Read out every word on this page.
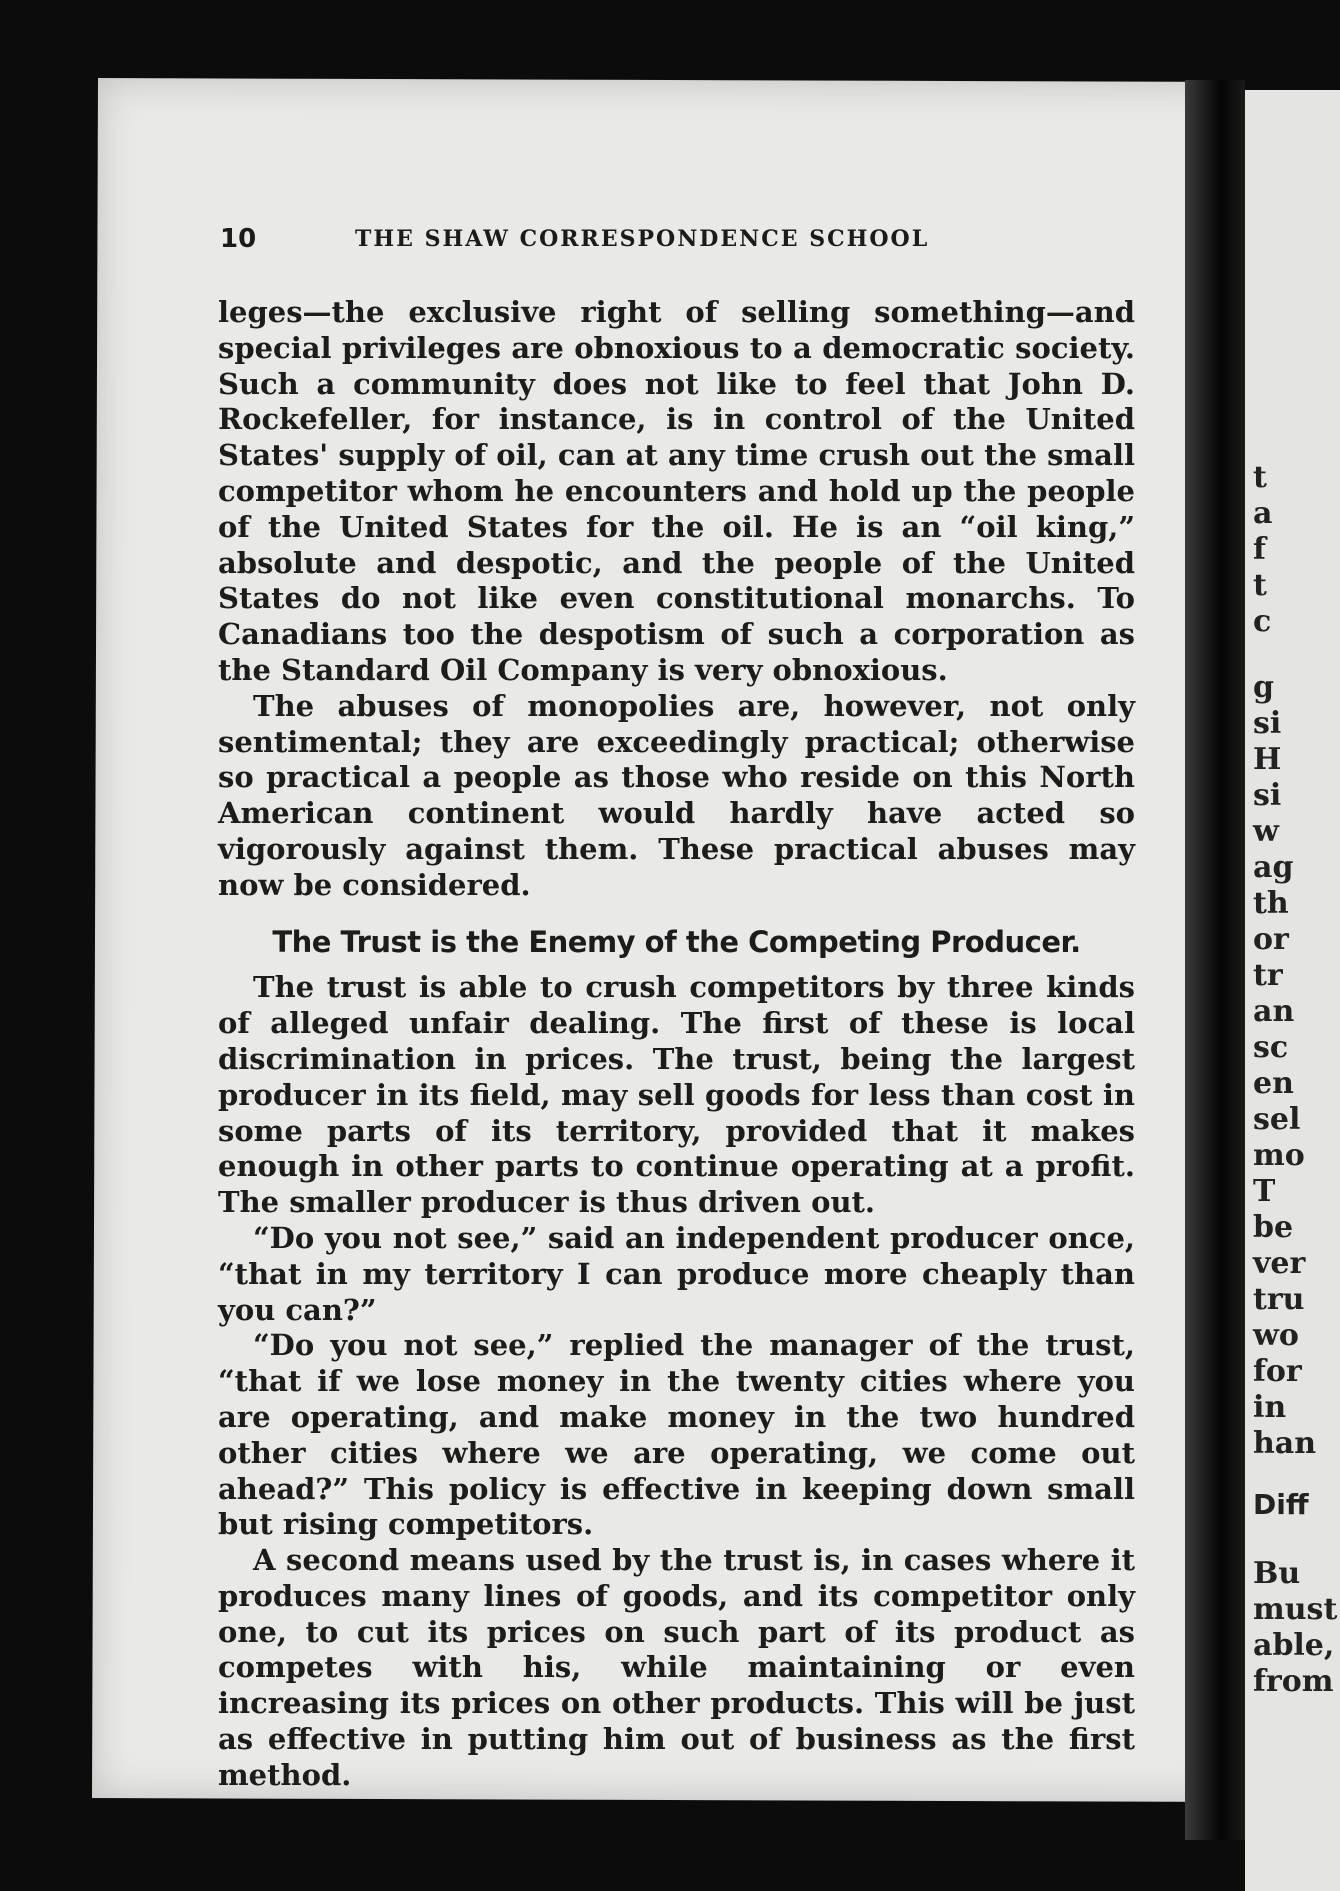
t
a
f
t
c
g
si
H
si
w
ag
th
or
tr
an
sc
en
sel
mo
T
be
ver
tru
wo
for
in
han
Diff
Bu
must
able,
from
10	THE SHAW CORRESPONDENCE SCHOOL

leges—the exclusive right of selling something—and special privileges are obnoxious to a democratic society. Such a community does not like to feel that John D. Rockefeller, for instance, is in control of the United States' supply of oil, can at any time crush out the small competitor whom he encounters and hold up the people of the United States for the oil. He is an “oil king,” absolute and despotic, and the people of the United States do not like even constitutional monarchs. To Canadians too the despotism of such a corporation as the Standard Oil Company is very obnoxious.

The abuses of monopolies are, however, not only sentimental; they are exceedingly practical; otherwise so practical a people as those who reside on this North American continent would hardly have acted so vigorously against them. These practical abuses may now be considered.

The Trust is the Enemy of the Competing Producer.

The trust is able to crush competitors by three kinds of alleged unfair dealing. The first of these is local discrimination in prices. The trust, being the largest producer in its field, may sell goods for less than cost in some parts of its territory, provided that it makes enough in other parts to continue operating at a profit. The smaller producer is thus driven out.

“Do you not see,” said an independent producer once, “that in my territory I can produce more cheaply than you can?”

“Do you not see,” replied the manager of the trust, “that if we lose money in the twenty cities where you are operating, and make money in the two hundred other cities where we are operating, we come out ahead?” This policy is effective in keeping down small but rising competitors.

A second means used by the trust is, in cases where it produces many lines of goods, and its competitor only one, to cut its prices on such part of its product as competes with his, while maintaining or even increasing its prices on other products. This will be just as effective in putting him out of business as the first method.
